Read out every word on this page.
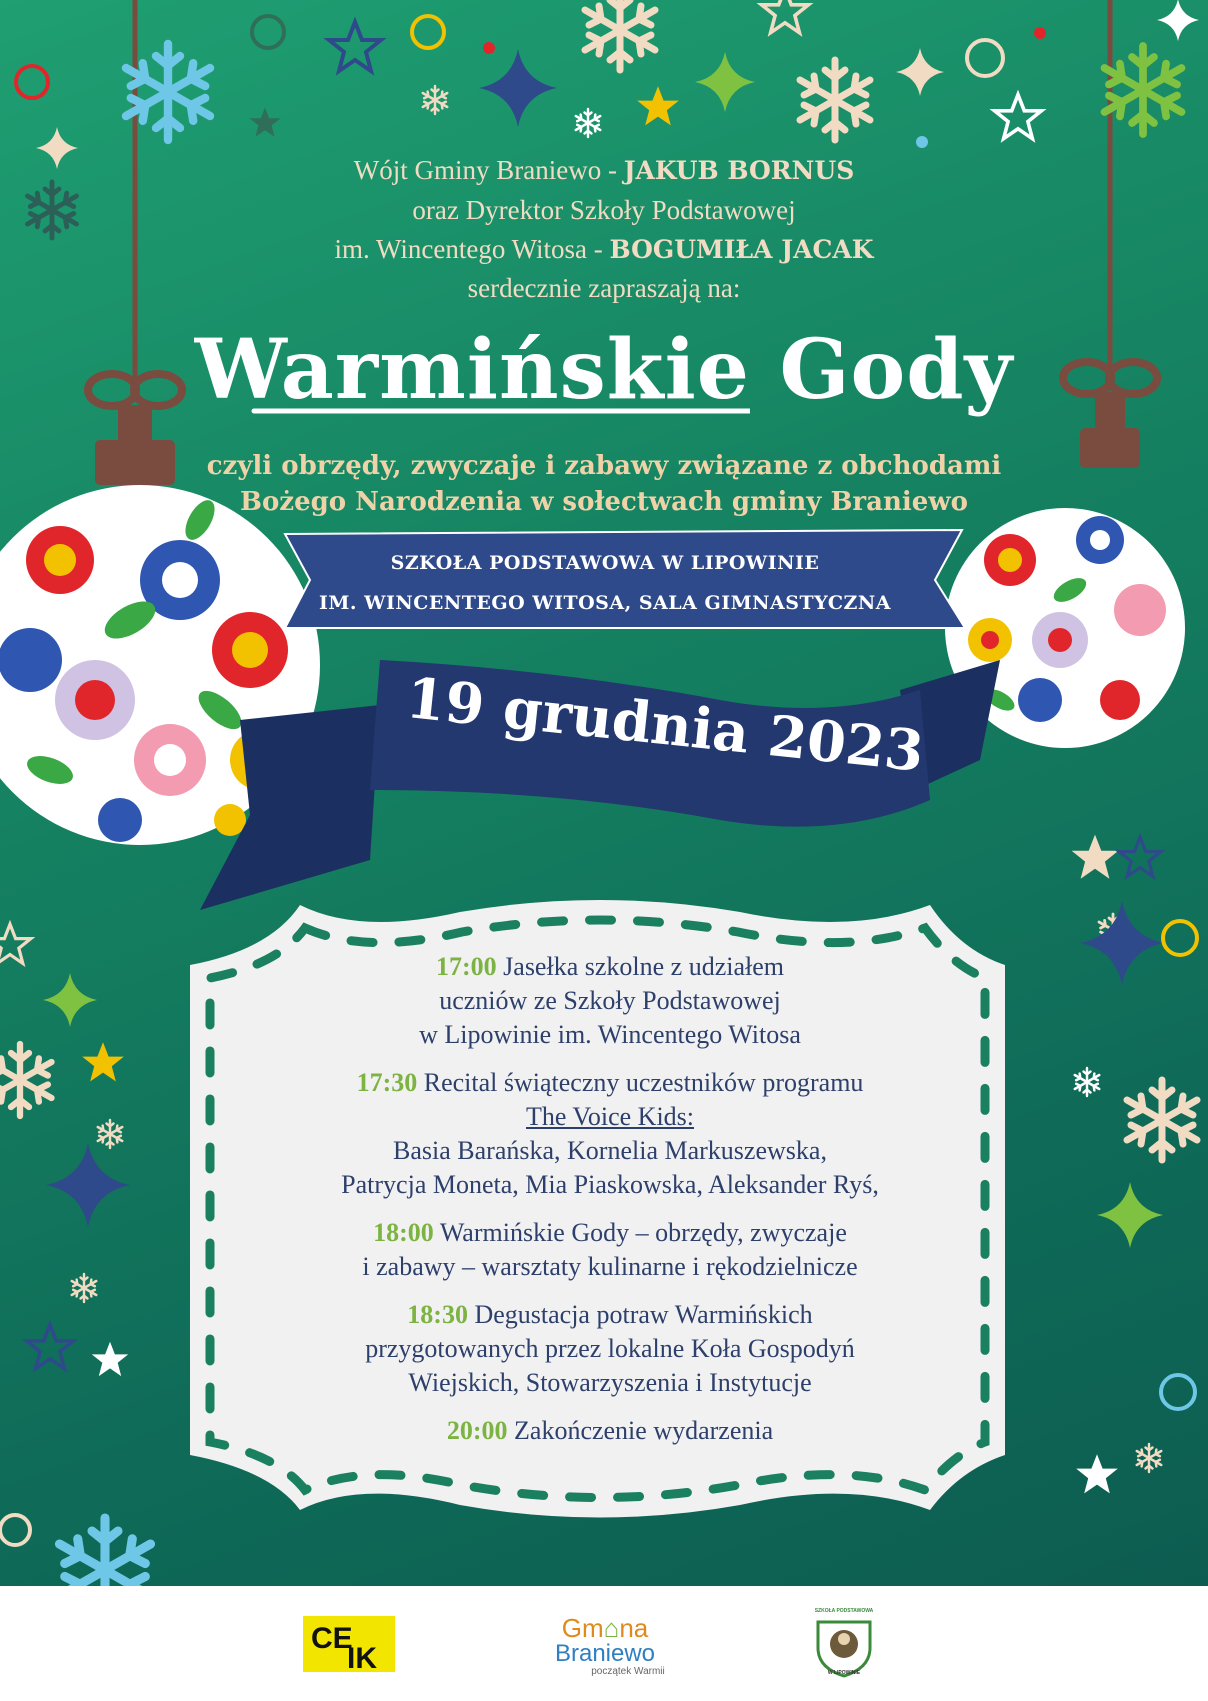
Wójt Gminy Braniewo - JAKUB BORNUS
oraz Dyrektor Szkoły Podstawowej
im. Wincentego Witosa - BOGUMIŁA JACAK
serdecznie zapraszają na:
Warmińskie Gody
czyli obrzędy, zwyczaje i zabawy związane z obchodami
Bożego Narodzenia w sołectwach gminy Braniewo
SZKOŁA PODSTAWOWA W LIPOWINIE
IM. WINCENTEGO WITOSA, SALA GIMNASTYCZNA
19 grudnia 2023
17:00 Jasełka szkolne z udziałem
uczniów ze Szkoły Podstawowej
w Lipowinie im. Wincentego Witosa
17:30 Recital świąteczny uczestników programu
The Voice Kids:
Basia Barańska, Kornelia Markuszewska,
Patrycja Moneta, Mia Piaskowska, Aleksander Ryś,
18:00 Warmińskie Gody – obrzędy, zwyczaje
i zabawy – warsztaty kulinarne i rękodzielnicze
18:30 Degustacja potraw Warmińskich
przygotowanych przez lokalne Koła Gospodyń
Wiejskich, Stowarzyszenia i Instytucje
20:00 Zakończenie wydarzenia
CE
IK
Gm⌂na
Braniewo
początek Warmii
SZKOŁA PODSTAWOWA
W LIPOWINIE
